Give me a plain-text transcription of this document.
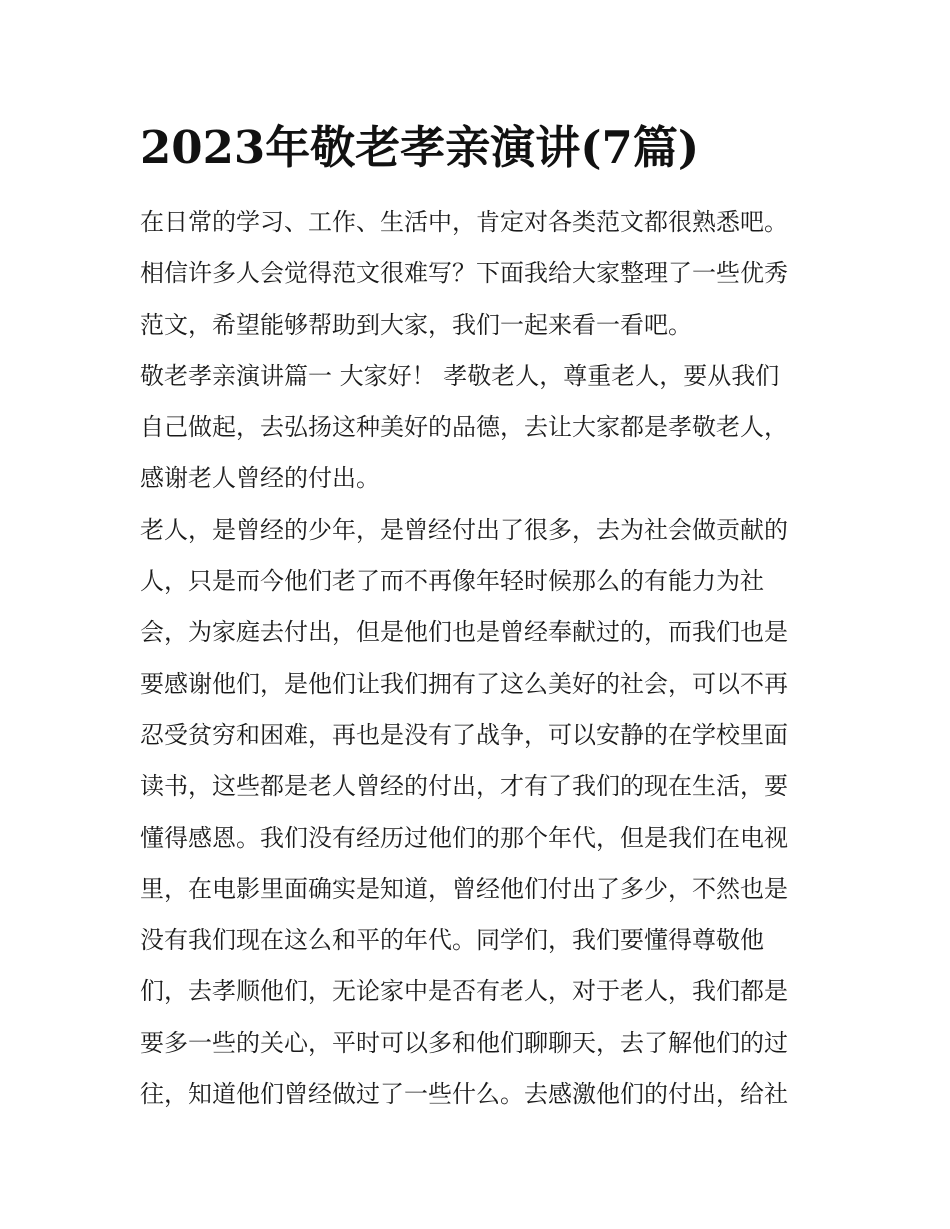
2023年敬老孝亲演讲(7篇)
在日常的学习、工作、生活中，肯定对各类范文都很熟悉吧。
相信许多人会觉得范文很难写？下面我给大家整理了一些优秀
范文，希望能够帮助到大家，我们一起来看一看吧。
敬老孝亲演讲篇一 大家好！ 孝敬老人，尊重老人，要从我们
自己做起，去弘扬这种美好的品德，去让大家都是孝敬老人，
感谢老人曾经的付出。
老人，是曾经的少年，是曾经付出了很多，去为社会做贡献的
人，只是而今他们老了而不再像年轻时候那么的有能力为社
会，为家庭去付出，但是他们也是曾经奉献过的，而我们也是
要感谢他们，是他们让我们拥有了这么美好的社会，可以不再
忍受贫穷和困难，再也是没有了战争，可以安静的在学校里面
读书，这些都是老人曾经的付出，才有了我们的现在生活，要
懂得感恩。我们没有经历过他们的那个年代，但是我们在电视
里，在电影里面确实是知道，曾经他们付出了多少，不然也是
没有我们现在这么和平的年代。同学们，我们要懂得尊敬他
们，去孝顺他们，无论家中是否有老人，对于老人，我们都是
要多一些的关心，平时可以多和他们聊聊天，去了解他们的过
往，知道他们曾经做过了一些什么。去感激他们的付出，给社
